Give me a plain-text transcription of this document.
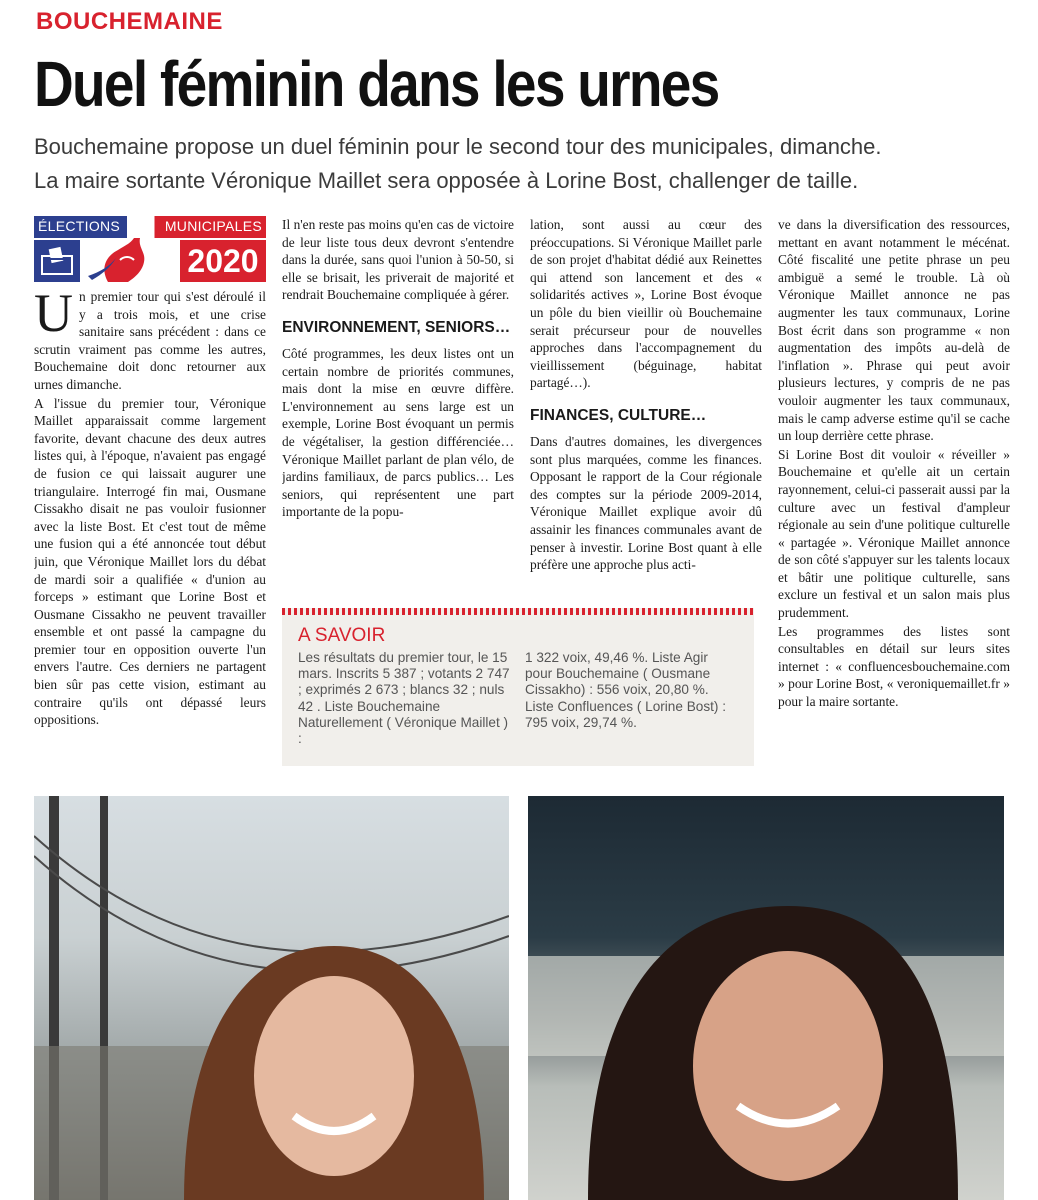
BOUCHEMAINE
Duel féminin dans les urnes
Bouchemaine propose un duel féminin pour le second tour des municipales, dimanche.
La maire sortante Véronique Maillet sera opposée à Lorine Bost, challenger de taille.
ÉLECTIONS	MUNICIPALES
2020

Un premier tour qui s'est déroulé il y a trois mois, et une crise sanitaire sans précédent : dans ce scrutin vraiment pas comme les autres, Bouchemaine doit donc retourner aux urnes dimanche.

A l'issue du premier tour, Véronique Maillet apparaissait comme largement favorite, devant chacune des deux autres listes qui, à l'époque, n'avaient pas engagé de fusion ce qui laissait augurer une triangulaire. Interrogé fin mai, Ousmane Cissakho disait ne pas vouloir fusionner avec la liste Bost. Et c'est tout de même une fusion qui a été annoncée tout début juin, que Véronique Maillet lors du débat de mardi soir a qualifiée « d'union au forceps » estimant que Lorine Bost et Ousmane Cissakho ne peuvent travailler ensemble et ont passé la campagne du premier tour en opposition ouverte l'un envers l'autre. Ces derniers ne partagent bien sûr pas cette vision, estimant au contraire qu'ils ont dépassé leurs oppositions.

Il n'en reste pas moins qu'en cas de victoire de leur liste tous deux devront s'entendre dans la durée, sans quoi l'union à 50-50, si elle se brisait, les priverait de majorité et rendrait Bouchemaine compliquée à gérer.

ENVIRONNEMENT, SENIORS…

Côté programmes, les deux listes ont un certain nombre de priorités communes, mais dont la mise en œuvre diffère. L'environnement au sens large est un exemple, Lorine Bost évoquant un permis de végétaliser, la gestion différenciée… Véronique Maillet parlant de plan vélo, de jardins familiaux, de parcs publics… Les seniors, qui représentent une part importante de la popu-

lation, sont aussi au cœur des préoccupations. Si Véronique Maillet parle de son projet d'habitat dédié aux Reinettes qui attend son lancement et des « solidarités actives », Lorine Bost évoque un pôle du bien vieillir où Bouchemaine serait précurseur pour de nouvelles approches dans l'accompagnement du vieillissement (béguinage, habitat partagé…).

FINANCES, CULTURE…

Dans d'autres domaines, les divergences sont plus marquées, comme les finances. Opposant le rapport de la Cour régionale des comptes sur la période 2009-2014, Véronique Maillet explique avoir dû assainir les finances communales avant de penser à investir. Lorine Bost quant à elle préfère une approche plus acti-

ve dans la diversification des ressources, mettant en avant notamment le mécénat. Côté fiscalité une petite phrase un peu ambiguë a semé le trouble. Là où Véronique Maillet annonce ne pas augmenter les taux communaux, Lorine Bost écrit dans son programme « non augmentation des impôts au-delà de l'inflation ». Phrase qui peut avoir plusieurs lectures, y compris de ne pas vouloir augmenter les taux communaux, mais le camp adverse estime qu'il se cache un loup derrière cette phrase.

Si Lorine Bost dit vouloir « réveiller » Bouchemaine et qu'elle ait un certain rayonnement, celui-ci passerait aussi par la culture avec un festival d'ampleur régionale au sein d'une politique culturelle « partagée ». Véronique Maillet annonce de son côté s'appuyer sur les talents locaux et bâtir une politique culturelle, sans exclure un festival et un salon mais plus prudemment.

Les programmes des listes sont consultables en détail sur leurs sites internet : « confluencesbouchemaine.com » pour Lorine Bost, « veroniquemaillet.fr » pour la maire sortante.

A SAVOIR

Les résultats du premier tour, le 15 mars. Inscrits 5 387 ; votants 2 747 ; exprimés 2 673 ; blancs 32 ; nuls 42 . Liste Bouchemaine Naturellement ( Véronique Maillet ) :

1 322 voix, 49,46 %. Liste Agir pour Bouchemaine ( Ousmane Cissakho) : 556 voix, 20,80 %. Liste Confluences ( Lorine Bost) : 795 voix, 29,74 %.
